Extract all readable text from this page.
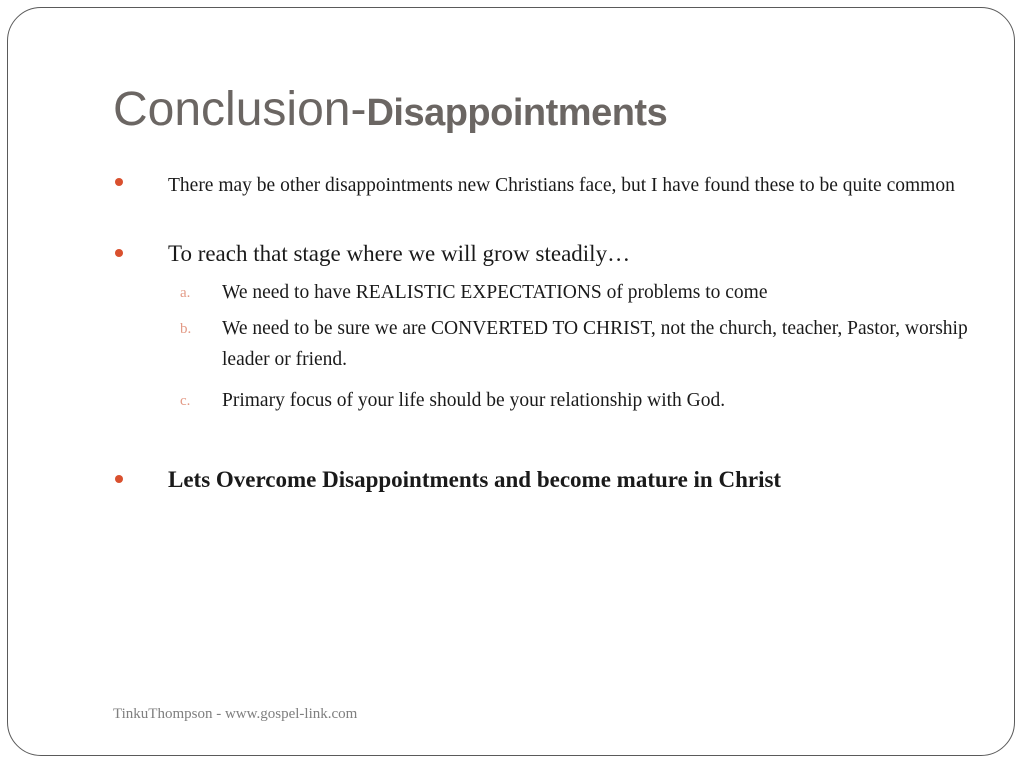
Conclusion-Disappointments
There may be other disappointments new Christians face, but I have found these to be quite common
To reach that stage where we will grow steadily…
a. We need to have REALISTIC EXPECTATIONS of problems to come
b. We need to be sure we are CONVERTED TO CHRIST, not the church, teacher, Pastor, worship leader or friend.
c. Primary focus of your life should be your relationship with God.
Lets Overcome Disappointments and become mature in Christ
TinkuThompson - www.gospel-link.com
